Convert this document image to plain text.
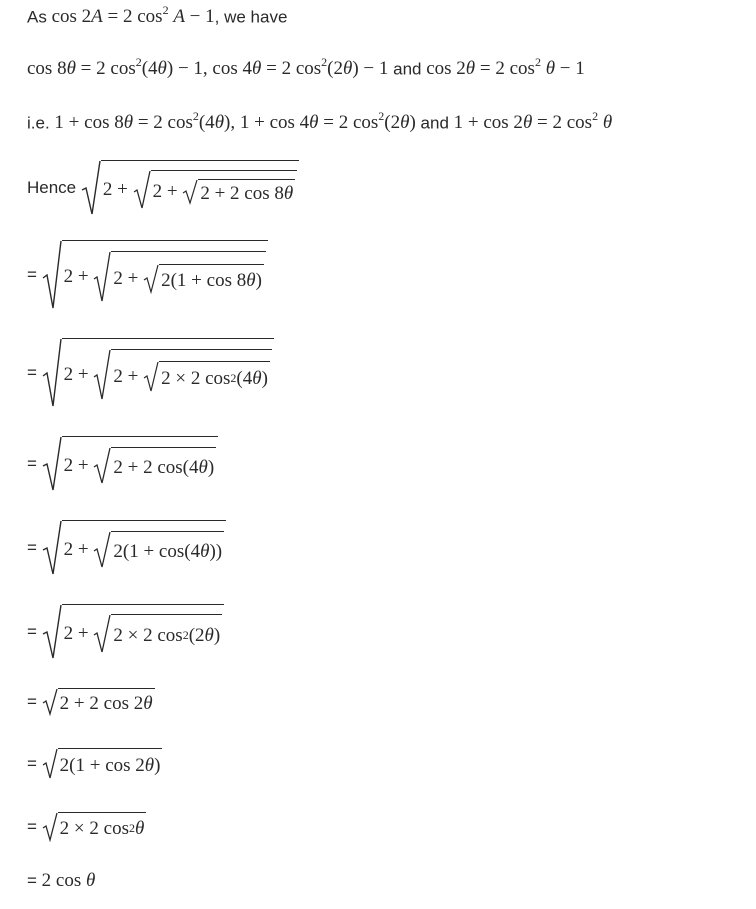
As cos 2A = 2 $\cos^2 A - 1$, we have
cos 8θ = 2 $\cos^2(4\theta) - 1$, cos 4θ = 2 $\cos^2(2\theta) - 1$ and cos 2θ = 2 $\cos^2 \theta - 1$
i.e. 1 + cos 8θ = 2 $\cos^2(4\theta)$, 1 + cos 4θ = 2 $\cos^2(2\theta)$ and 1 + cos 2θ = 2 $\cos^2 \theta$
Hence 2 + 2 + 2 + 2 cos 8 θ
= 2 + 2 + 2(1 + cos 8 θ )
= 2 + 2 + 2 × 2 $\cos^2 (4$ θ )
= 2 + 2 + 2 cos(4 θ )
= 2 + 2(1 + cos(4 θ ))
= 2 + 2 × 2 $\cos^2 (2$ θ )
= 2 + 2 cos 2 θ
= 2(1 + cos 2 θ )
= 2 × 2 $\cos^2 \theta$
= 2 cos θ
